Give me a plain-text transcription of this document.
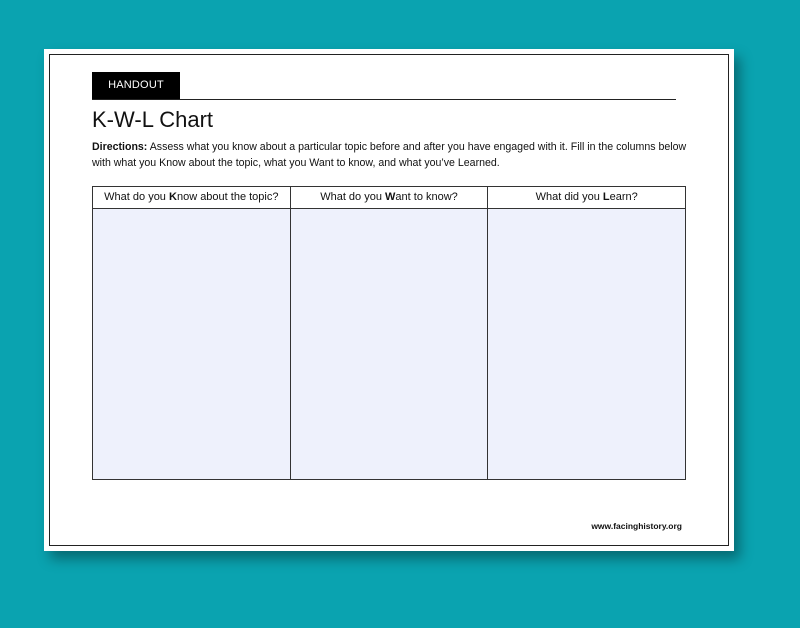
HANDOUT
K-W-L Chart

Directions: Assess what you know about a particular topic before and after you have engaged with it. Fill in the columns below with what you Know about the topic, what you Want to know, and what you’ve Learned.

What do you Know about the topic?	What do you Want to know?	What did you Learn?
www.facinghistory.org
